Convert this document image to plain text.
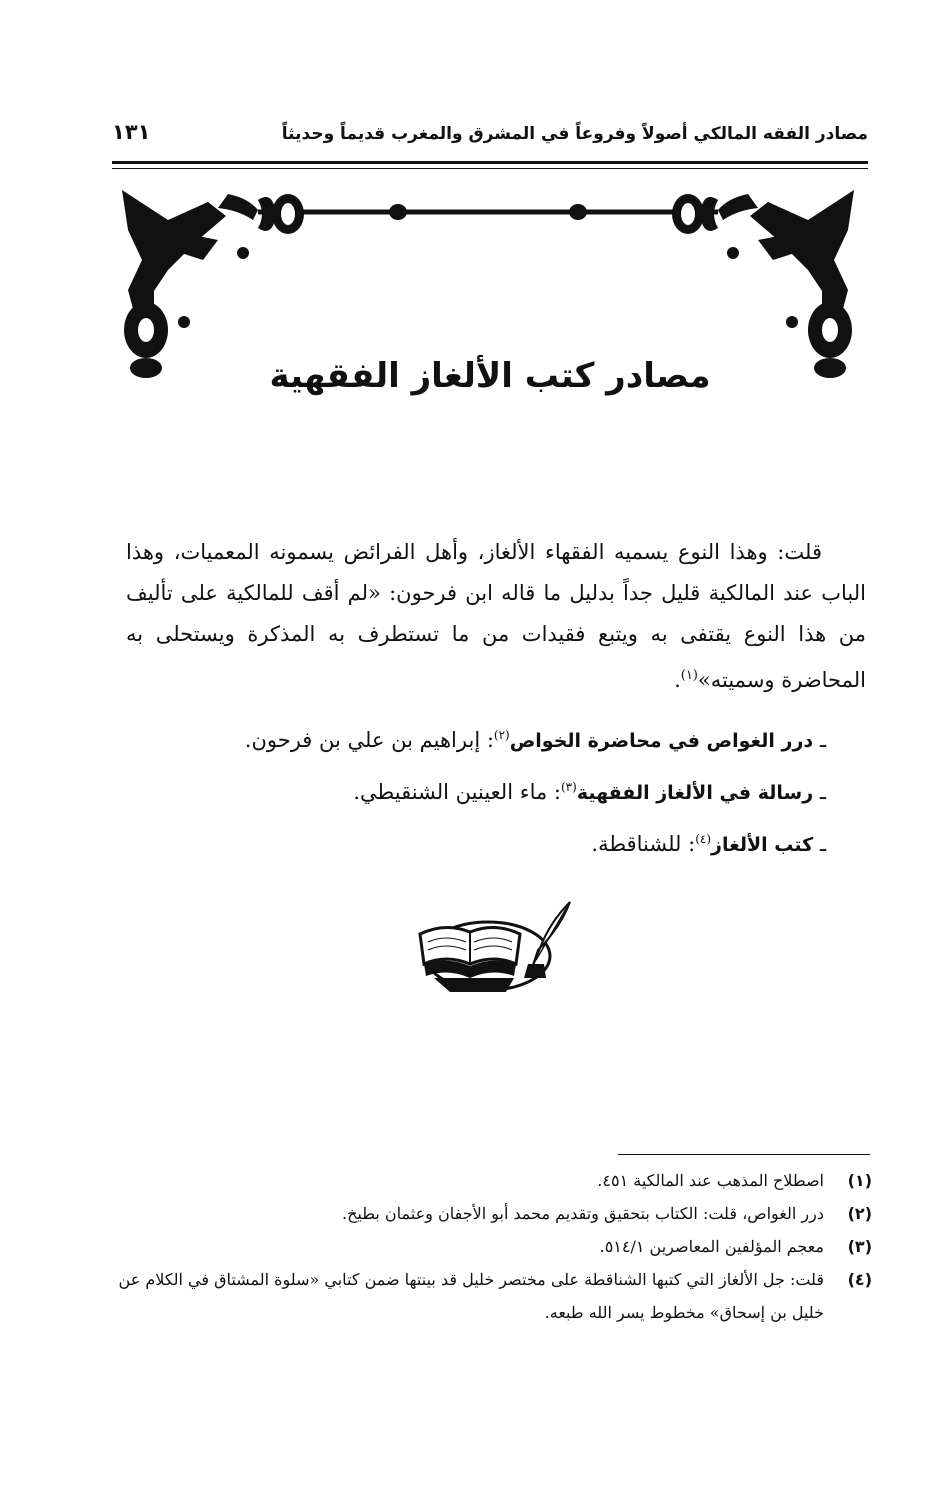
مصادر الفقه المالكي أصولاً وفروعاً في المشرق والمغرب قديماً وحديثاً
١٣١
مصادر كتب الألغاز الفقهية

قلت: وهذا النوع يسميه الفقهاء الألغاز، وأهل الفرائض يسمونه المعميات، وهذا الباب عند المالكية قليل جداً بدليل ما قاله ابن فرحون: «لم أقف للمالكية على تأليف من هذا النوع يقتفى به ويتبع فقيدات من ما تستطرف به المذكرة ويستحلى به المحاضرة وسميته»$^{(١)}$.

ـ درر الغواص في محاضرة الخواص$^{(٢)}$: إبراهيم بن علي بن فرحون.

ـ رسالة في الألغاز الفقهية$^{(٣)}$: ماء العينين الشنقيطي.

ـ كتب الألغاز$^{(٤)}$: للشناقطة.

(١)
اصطلاح المذهب عند المالكية ٤٥١.

(٢)
درر الغواص، قلت: الكتاب بتحقيق وتقديم محمد أبو الأجفان وعثمان بطيخ.

(٣)
معجم المؤلفين المعاصرين ٥١٤/١.

(٤)
قلت: جل الألغاز التي كتبها الشناقطة على مختصر خليل قد بينتها ضمن كتابي «سلوة المشتاق في الكلام عن خليل بن إسحاق» مخطوط يسر الله طبعه.
